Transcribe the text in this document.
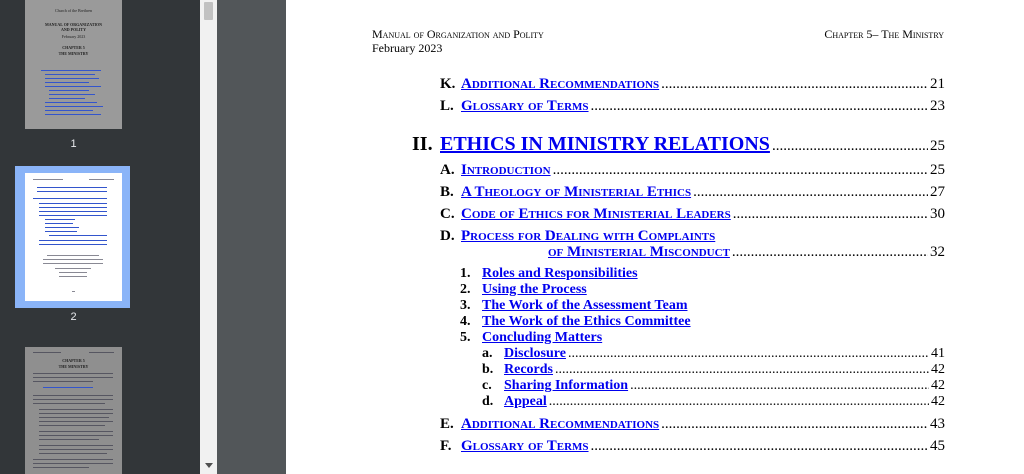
Church of the Brethren
MANUAL OF ORGANIZATION
AND POLITY
February 2023
CHAPTER 5
THE MINISTRY
1
2
CHAPTER 5
THE MINISTRY
Manual of Organization and Polity
February 2023
Chapter 5– The Ministry
K. Additional Recommendations .....	21
L. Glossary of Terms .....	23
II. ETHICS IN MINISTRY RELATIONS .....	25
A. Introduction .....	25
B. A Theology of Ministerial Ethics .....	27
C. Code of Ethics for Ministerial Leaders .....	30
D. Process for Dealing with Complaints
of Ministerial Misconduct .....	32
1. Roles and Responsibilities
2. Using the Process
3. The Work of the Assessment Team
4. The Work of the Ethics Committee
5. Concluding Matters
a. Disclosure .....	41
b. Records .....	42
c. Sharing Information .....	42
d. Appeal .....	42
E. Additional Recommendations .....	43
F. Glossary of Terms .....	45
